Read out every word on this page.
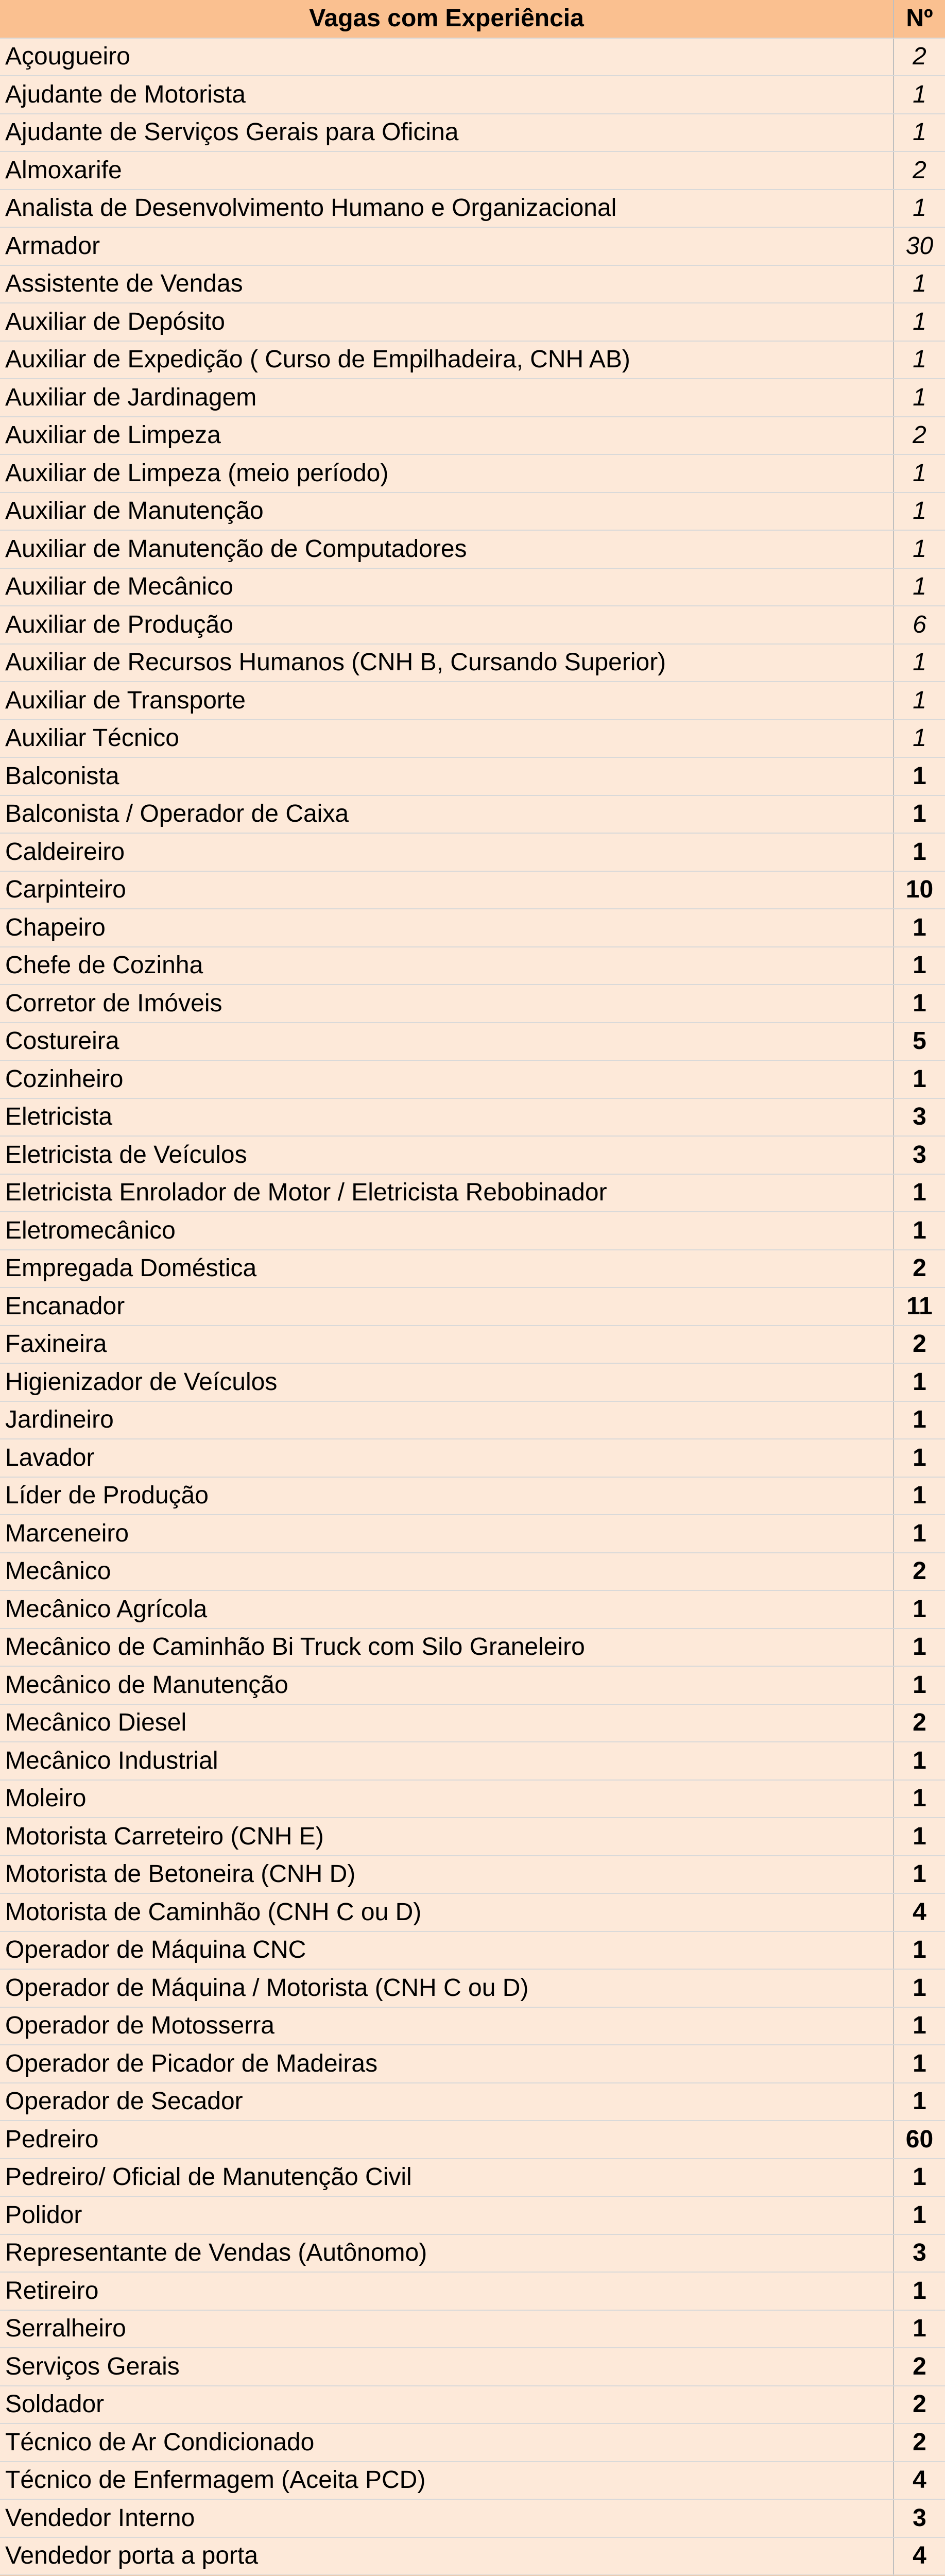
Vagas com Experiência	Nº
Açougueiro	2
Ajudante de Motorista	1
Ajudante de Serviços Gerais para Oficina	1
Almoxarife	2
Analista de Desenvolvimento Humano e Organizacional	1
Armador	30
Assistente de Vendas	1
Auxiliar de Depósito	1
Auxiliar de Expedição ( Curso de Empilhadeira, CNH AB)	1
Auxiliar de Jardinagem	1
Auxiliar de Limpeza	2
Auxiliar de Limpeza (meio período)	1
Auxiliar de Manutenção	1
Auxiliar de Manutenção de Computadores	1
Auxiliar de Mecânico	1
Auxiliar de Produção	6
Auxiliar de Recursos Humanos (CNH B, Cursando Superior)	1
Auxiliar de Transporte	1
Auxiliar Técnico	1
Balconista	1
Balconista / Operador de Caixa	1
Caldeireiro	1
Carpinteiro	10
Chapeiro	1
Chefe de Cozinha	1
Corretor de Imóveis	1
Costureira	5
Cozinheiro	1
Eletricista	3
Eletricista de Veículos	3
Eletricista Enrolador de Motor / Eletricista Rebobinador	1
Eletromecânico	1
Empregada Doméstica	2
Encanador	11
Faxineira	2
Higienizador de Veículos	1
Jardineiro	1
Lavador	1
Líder de Produção	1
Marceneiro	1
Mecânico	2
Mecânico Agrícola	1
Mecânico de Caminhão Bi Truck com Silo Graneleiro	1
Mecânico de Manutenção	1
Mecânico Diesel	2
Mecânico Industrial	1
Moleiro	1
Motorista Carreteiro (CNH E)	1
Motorista de Betoneira (CNH D)	1
Motorista de Caminhão (CNH C ou D)	4
Operador de Máquina CNC	1
Operador de Máquina / Motorista (CNH C ou D)	1
Operador de Motosserra	1
Operador de Picador de Madeiras	1
Operador de Secador	1
Pedreiro	60
Pedreiro/ Oficial de Manutenção Civil	1
Polidor	1
Representante de Vendas (Autônomo)	3
Retireiro	1
Serralheiro	1
Serviços Gerais	2
Soldador	2
Técnico de Ar Condicionado	2
Técnico de Enfermagem (Aceita PCD)	4
Vendedor Interno	3
Vendedor porta a porta	4
